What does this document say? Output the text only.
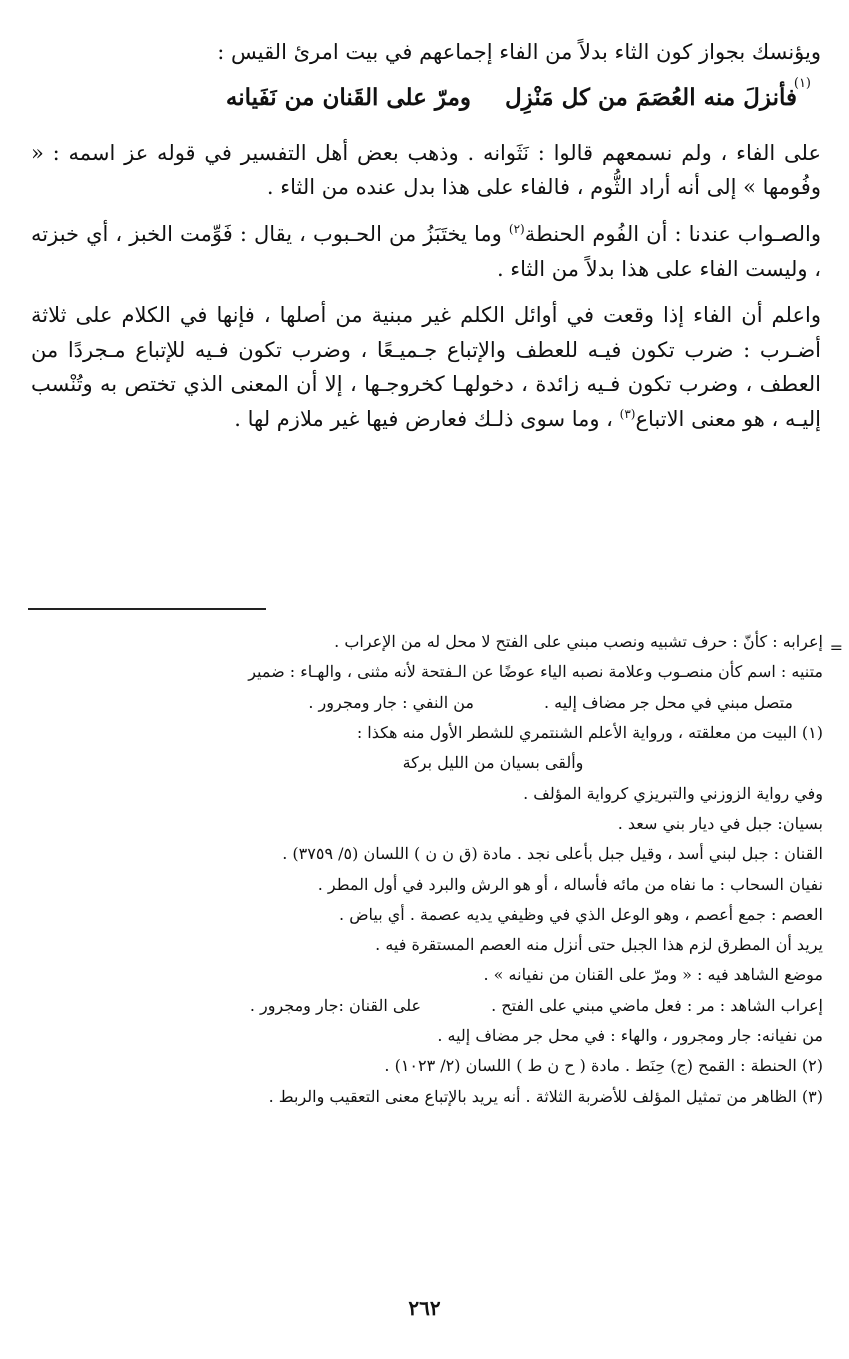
ويؤنسك بجواز كون الثاء بدلاً من الفاء إجماعهم في بيت امرئ القيس :

(١)
فأنزلَ منه العُصَمَ من كل مَنْزِل
ومرّ على القَنان من نَفَيانه

على الفاء ، ولم نسمعهم قالوا : نَثَوانه . وذهب بعض أهل التفسير في قوله عز اسمه : « وفُومها » إلى أنه أراد الثُّوم ، فالفاء على هذا بدل عنده من الثاء .

والصـواب عندنا : أن الفُوم الحنطة$^{(٢)}$ وما يختَبَزُ من الحـبوب ، يقال : فَوِّمت الخبز ، أي خبزته ، وليست الفاء على هذا بدلاً من الثاء .

واعلم أن الفاء إذا وقعت في أوائل الكلم غير مبنية من أصلها ، فإنها في الكلام على ثلاثة أضـرب : ضرب تكون فيـه للعطف والإتباع جـميـعًا ، وضرب تكون فـيه للإتباع مـجردًا من العطف ، وضرب تكون فـيه زائدة ، دخولهـا كخروجـها ، إلا أن المعنى الذي تختص به وتُنْسب إليـه ، هو معنى الاتباع$^{(٣)}$ ، وما سوى ذلـك فعارض فيها غير ملازم لها .

=

إعرابه : كأنّ : حرف تشبيه ونصب مبني على الفتح لا محل له من الإعراب .

متنيه : اسم كأن منصـوب وعلامة نصبه الياء عوضًا عن الـفتحة لأنه مثنى ، والهـاء : ضمير

متصل مبني في محل جر مضاف إليه .من النفي : جار ومجرور .

(١) البيت من معلقته ، ورواية الأعلم الشنتمري للشطر الأول منه هكذا :

وألقى بسيان من الليل بركة

وفي رواية الزوزني والتبريزي كرواية المؤلف .

بسيان: جبل في ديار بني سعد .

القنان : جبل لبني أسد ، وقيل جبل بأعلى نجد . مادة (ق ن ن ) اللسان (٥/ ٣٧٥٩) .

نفيان السحاب : ما نفاه من مائه فأساله ، أو هو الرش والبرد في أول المطر .

العصم : جمع أعصم ، وهو الوعل الذي في وظيفي يديه عصمة . أي بياض .

يريد أن المطرق لزم هذا الجبل حتى أنزل منه العصم المستقرة فيه .

موضع الشاهد فيه : « ومرّ على القنان من نفيانه » .

إعراب الشاهد : مر : فعل ماضي مبني على الفتح .على القنان :جار ومجرور .

من نفيانه: جار ومجرور ، والهاء : في محل جر مضاف إليه .

(٢) الحنطة : القمح (ج) حِنَط . مادة ( ح ن ط ) اللسان (٢/ ١٠٢٣) .

(٣) الظاهر من تمثيل المؤلف للأضربة الثلاثة . أنه يريد بالإتباع معنى التعقيب والربط .

٢٦٢
